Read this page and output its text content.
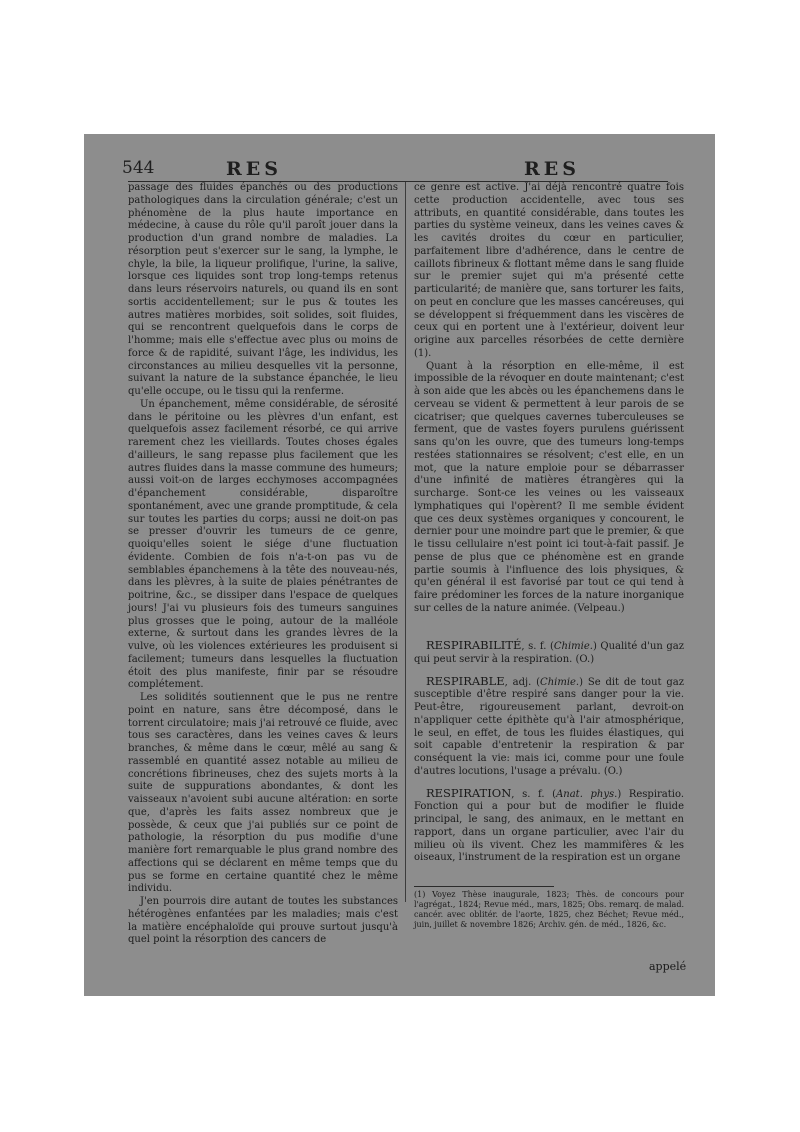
544	RES	RES

passage des fluides épanchés ou des productions pathologiques dans la circulation générale; c'est un phénomène de la plus haute importance en médecine, à cause du rôle qu'il paroît jouer dans la production d'un grand nombre de maladies. La résorption peut s'exercer sur le sang, la lymphe, le chyle, la bile, la liqueur prolifique, l'urine, la salive, lorsque ces liquides sont trop long-temps retenus dans leurs réservoirs naturels, ou quand ils en sont sortis accidentellement; sur le pus & toutes les autres matières morbides, soit solides, soit fluides, qui se rencontrent quelquefois dans le corps de l'homme; mais elle s'effectue avec plus ou moins de force & de rapidité, suivant l'âge, les individus, les circonstances au milieu desquelles vit la personne, suivant la nature de la substance épanchée, le lieu qu'elle occupe, ou le tissu qui la renferme.

Un épanchement, même considérable, de sérosité dans le péritoine ou les plèvres d'un enfant, est quelquefois assez facilement résorbé, ce qui arrive rarement chez les vieillards. Toutes choses égales d'ailleurs, le sang repasse plus facilement que les autres fluides dans la masse commune des humeurs; aussi voit-on de larges ecchymoses accompagnées d'épanchement considérable, disparoître spontanément, avec une grande promptitude, & cela sur toutes les parties du corps; aussi ne doit-on pas se presser d'ouvrir les tumeurs de ce genre, quoiqu'elles soient le siége d'une fluctuation évidente. Combien de fois n'a-t-on pas vu de semblables épanchemens à la tête des nouveau-nés, dans les plèvres, à la suite de plaies pénétrantes de poitrine, &c., se dissiper dans l'espace de quelques jours! J'ai vu plusieurs fois des tumeurs sanguines plus grosses que le poing, autour de la malléole externe, & surtout dans les grandes lèvres de la vulve, où les violences extérieures les produisent si facilement; tumeurs dans lesquelles la fluctuation étoit des plus manifeste, finir par se résoudre complétement.

Les solidités soutiennent que le pus ne rentre point en nature, sans être décomposé, dans le torrent circulatoire; mais j'ai retrouvé ce fluide, avec tous ses caractères, dans les veines caves & leurs branches, & même dans le cœur, mêlé au sang & rassemblé en quantité assez notable au milieu de concrétions fibrineuses, chez des sujets morts à la suite de suppurations abondantes, & dont les vaisseaux n'avoient subi aucune altération: en sorte que, d'après les faits assez nombreux que je possède, & ceux que j'ai publiés sur ce point de pathologie, la résorption du pus modifie d'une manière fort remarquable le plus grand nombre des affections qui se déclarent en même temps que du pus se forme en certaine quantité chez le même individu.

J'en pourrois dire autant de toutes les substances hétérogènes enfantées par les maladies; mais c'est la matière encéphaloïde qui prouve surtout jusqu'à quel point la résorption des cancers de

ce genre est active. J'ai déjà rencontré quatre fois cette production accidentelle, avec tous ses attributs, en quantité considérable, dans toutes les parties du système veineux, dans les veines caves & les cavités droites du cœur en particulier, parfaitement libre d'adhérence, dans le centre de caillots fibrineux & flottant même dans le sang fluide sur le premier sujet qui m'a présenté cette particularité; de manière que, sans torturer les faits, on peut en conclure que les masses cancéreuses, qui se développent si fréquemment dans les viscères de ceux qui en portent une à l'extérieur, doivent leur origine aux parcelles résorbées de cette dernière (1).

Quant à la résorption en elle-même, il est impossible de la révoquer en doute maintenant; c'est à son aide que les abcès ou les épanchemens dans le cerveau se vident & permettent à leur parois de se cicatriser; que quelques cavernes tuberculeuses se ferment, que de vastes foyers purulens guérissent sans qu'on les ouvre, que des tumeurs long-temps restées stationnaires se résolvent; c'est elle, en un mot, que la nature emploie pour se débarrasser d'une infinité de matières étrangères qui la surcharge. Sont-ce les veines ou les vaisseaux lymphatiques qui l'opèrent? Il me semble évident que ces deux systèmes organiques y concourent, le dernier pour une moindre part que le premier, & que le tissu cellulaire n'est point ici tout-à-fait passif. Je pense de plus que ce phénomène est en grande partie soumis à l'influence des lois physiques, & qu'en général il est favorisé par tout ce qui tend à faire prédominer les forces de la nature inorganique sur celles de la nature animée. (Velpeau.)

RESPIRABILITÉ, s. f. (Chimie.) Qualité d'un gaz qui peut servir à la respiration. (O.)

RESPIRABLE, adj. (Chimie.) Se dit de tout gaz susceptible d'être respiré sans danger pour la vie. Peut-être, rigoureusement parlant, devroit-on n'appliquer cette épithète qu'à l'air atmosphérique, le seul, en effet, de tous les fluides élastiques, qui soit capable d'entretenir la respiration & par conséquent la vie: mais ici, comme pour une foule d'autres locutions, l'usage a prévalu. (O.)

RESPIRATION, s. f. (Anat. phys.) Respiratio. Fonction qui a pour but de modifier le fluide principal, le sang, des animaux, en le mettant en rapport, dans un organe particulier, avec l'air du milieu où ils vivent. Chez les mammifères & les oiseaux, l'instrument de la respiration est un organe

(1) Voyez Thèse inaugurale, 1823; Thès. de concours pour l'agrégat., 1824; Revue méd., mars, 1825; Obs. remarq. de malad. cancér. avec oblitér. de l'aorte, 1825, chez Béchet; Revue méd., juin, juillet & novembre 1826; Archiv. gén. de méd., 1826, &c.
appelé
